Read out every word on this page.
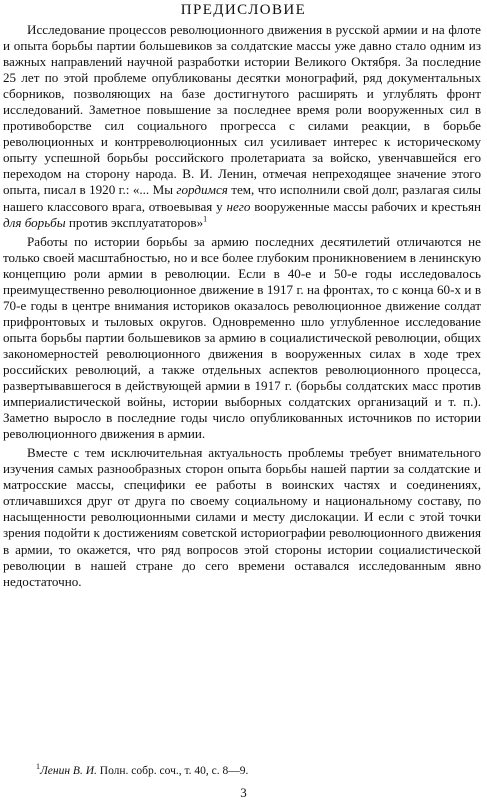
ПРЕДИСЛОВИЕ

Исследование процессов революционного движения в русской армии и на флоте и опыта борьбы партии большевиков за солдатские массы уже давно стало одним из важных направлений научной разработки истории Великого Октября. За последние 25 лет по этой проблеме опубликованы десятки монографий, ряд документальных сборников, позволяющих на базе достигнутого расширять и углублять фронт исследований. Заметное повышение за последнее время роли вооруженных сил в противоборстве сил социального прогресса с силами реакции, в борьбе революционных и контрреволюционных сил усиливает интерес к историческому опыту успешной борьбы российского пролетариата за войско, увенчавшейся его переходом на сторону народа. В. И. Ленин, отмечая непреходящее значение этого опыта, писал в 1920 г.: «... Мы гордимся тем, что исполнили свой долг, разлагая силы нашего классового врага, отвоевывая у него вооруженные массы рабочих и крестьян для борьбы против эксплуататоров»$^1$

Работы по истории борьбы за армию последних десятилетий отличаются не только своей масштабностью, но и все более глубоким проникновением в ленинскую концепцию роли армии в революции. Если в 40-е и 50-е годы исследовалось преимущественно революционное движение в 1917 г. на фронтах, то с конца 60-х и в 70-е годы в центре внимания историков оказалось революционное движение солдат прифронтовых и тыловых округов. Одновременно шло углубленное исследование опыта борьбы партии большевиков за армию в социалистической революции, общих закономерностей революционного движения в вооруженных силах в ходе трех российских революций, а также отдельных аспектов революционного процесса, развертывавшегося в действующей армии в 1917 г. (борьбы солдатских масс против империалистической войны, истории выборных солдатских организаций и т. п.). Заметно выросло в последние годы число опубликованных источников по истории революционного движения в армии.

Вместе с тем исключительная актуальность проблемы требует внимательного изучения самых разнообразных сторон опыта борьбы нашей партии за солдатские и матросские массы, специфики ее работы в воинских частях и соединениях, отличавшихся друг от друга по своему социальному и национальному составу, по насыщенности революционными силами и месту дислокации. И если с этой точки зрения подойти к достижениям советской историографии революционного движения в армии, то окажется, что ряд вопросов этой стороны истории социалистической революции в нашей стране до сего времени оставался исследованным явно недостаточно.

$^1$Ленин В. И. Полн. собр. соч., т. 40, с. 8—9.
3
